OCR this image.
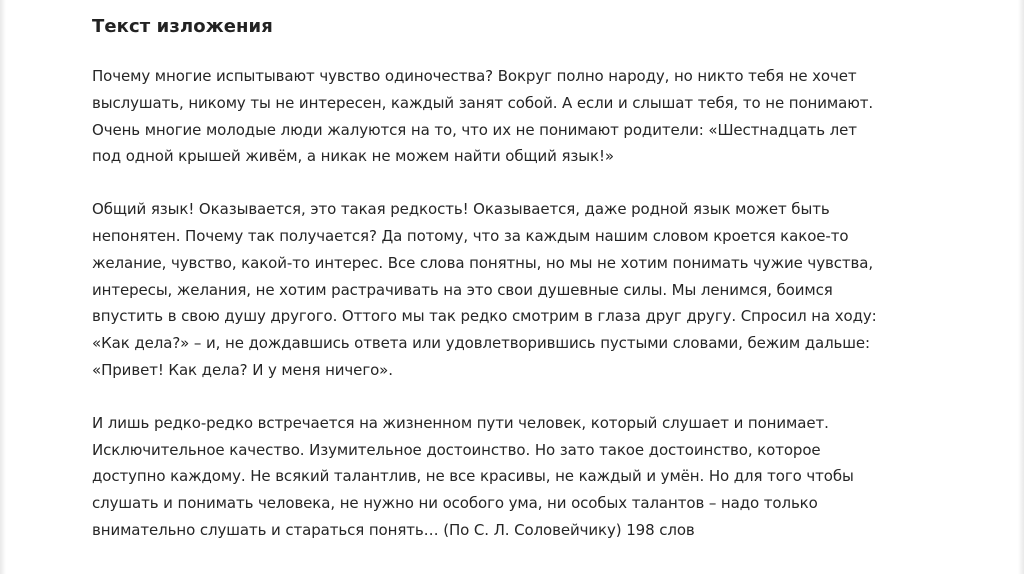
Текст изложения

Почему многие испытывают чувство одиночества? Вокруг полно народу, но никто тебя не хочет
выслушать, никому ты не интересен, каждый занят собой. А если и слышат тебя, то не понимают.
Очень многие молодые люди жалуются на то, что их не понимают родители: «Шестнадцать лет
под одной крышей живём, а никак не можем найти общий язык!»

Общий язык! Оказывается, это такая редкость! Оказывается, даже родной язык может быть
непонятен. Почему так получается? Да потому, что за каждым нашим словом кроется какое-то
желание, чувство, какой-то интерес. Все слова понятны, но мы не хотим понимать чужие чувства,
интересы, желания, не хотим растрачивать на это свои душевные силы. Мы ленимся, боимся
впустить в свою душу другого. Оттого мы так редко смотрим в глаза друг другу. Спросил на ходу:
«Как дела?» – и, не дождавшись ответа или удовлетворившись пустыми словами, бежим дальше:
«Привет! Как дела? И у меня ничего».

И лишь редко-редко встречается на жизненном пути человек, который слушает и понимает.
Исключительное качество. Изумительное достоинство. Но зато такое достоинство, которое
доступно каждому. Не всякий талантлив, не все красивы, не каждый и умён. Но для того чтобы
слушать и понимать человека, не нужно ни особого ума, ни особых талантов – надо только
внимательно слушать и стараться понять… (По С. Л. Соловейчику) 198 слов
